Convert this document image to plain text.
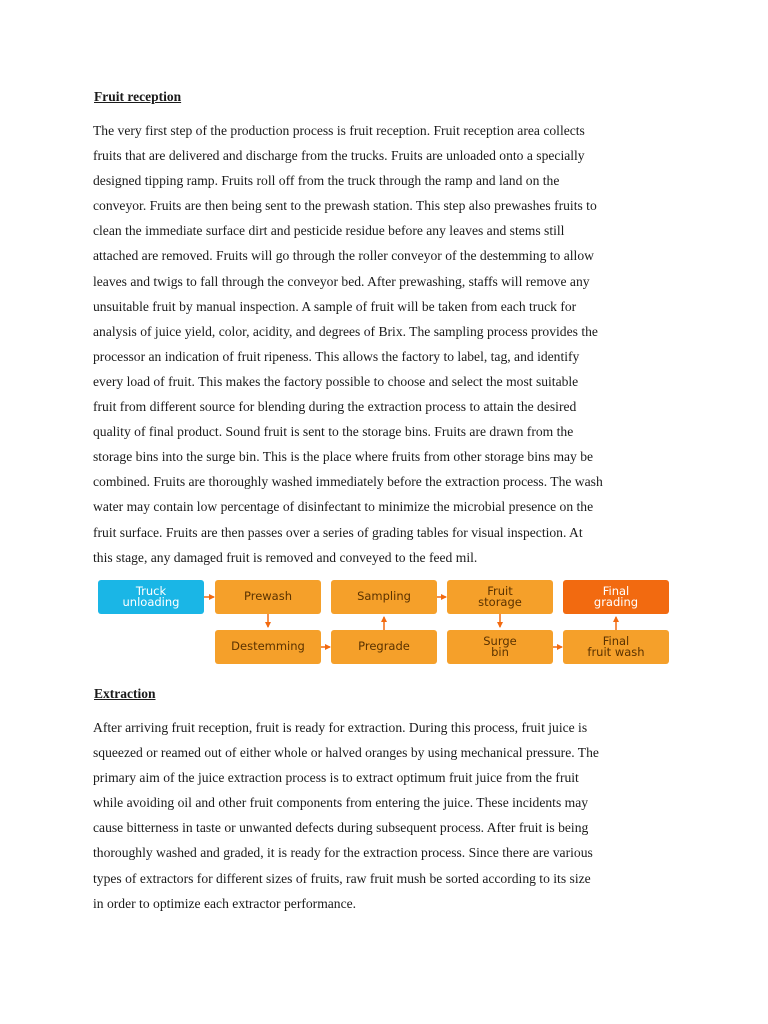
Fruit reception

The very first step of the production process is fruit reception. Fruit reception area collects
fruits that are delivered and discharge from the trucks. Fruits are unloaded onto a specially
designed tipping ramp. Fruits roll off from the truck through the ramp and land on the
conveyor. Fruits are then being sent to the prewash station. This step also prewashes fruits to
clean the immediate surface dirt and pesticide residue before any leaves and stems still
attached are removed. Fruits will go through the roller conveyor of the destemming to allow
leaves and twigs to fall through the conveyor bed. After prewashing, staffs will remove any
unsuitable fruit by manual inspection. A sample of fruit will be taken from each truck for
analysis of juice yield, color, acidity, and degrees of Brix. The sampling process provides the
processor an indication of fruit ripeness. This allows the factory to label, tag, and identify
every load of fruit. This makes the factory possible to choose and select the most suitable
fruit from different source for blending during the extraction process to attain the desired
quality of final product. Sound fruit is sent to the storage bins. Fruits are drawn from the
storage bins into the surge bin. This is the place where fruits from other storage bins may be
combined. Fruits are thoroughly washed immediately before the extraction process. The wash
water may contain low percentage of disinfectant to minimize the microbial presence on the
fruit surface. Fruits are then passes over a series of grading tables for visual inspection. At
this stage, any damaged fruit is removed and conveyed to the feed mil.

Truck
unloading	Prewash	Sampling	Fruit
storage
Final
grading
Destemming	Pregrade	Surge
bin
Final
fruit wash
Extraction

After arriving fruit reception, fruit is ready for extraction. During this process, fruit juice is
squeezed or reamed out of either whole or halved oranges by using mechanical pressure. The
primary aim of the juice extraction process is to extract optimum fruit juice from the fruit
while avoiding oil and other fruit components from entering the juice. These incidents may
cause bitterness in taste or unwanted defects during subsequent process. After fruit is being
thoroughly washed and graded, it is ready for the extraction process. Since there are various
types of extractors for different sizes of fruits, raw fruit mush be sorted according to its size
in order to optimize each extractor performance.
